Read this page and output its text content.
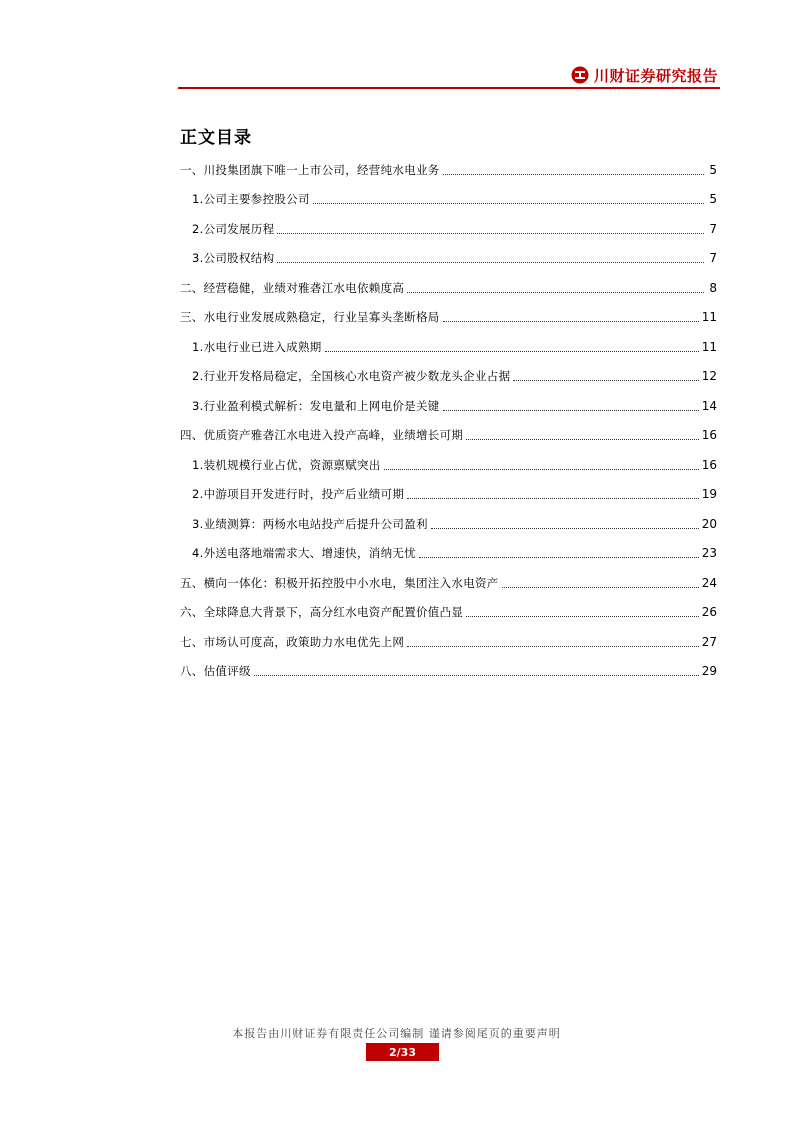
川财证券研究报告
正文目录
一、川投集团旗下唯一上市公司，经营纯水电业务	5
1.公司主要参控股公司	5
2.公司发展历程	7
3.公司股权结构	7
二、经营稳健，业绩对雅砻江水电依赖度高	8
三、水电行业发展成熟稳定，行业呈寡头垄断格局	11
1.水电行业已进入成熟期	11
2.行业开发格局稳定，全国核心水电资产被少数龙头企业占据	12
3.行业盈利模式解析：发电量和上网电价是关键	14
四、优质资产雅砻江水电进入投产高峰，业绩增长可期	16
1.装机规模行业占优，资源禀赋突出	16
2.中游项目开发进行时，投产后业绩可期	19
3.业绩测算：两杨水电站投产后提升公司盈利	20
4.外送电落地端需求大、增速快，消纳无忧	23
五、横向一体化：积极开拓控股中小水电，集团注入水电资产	24
六、全球降息大背景下，高分红水电资产配置价值凸显	26
七、市场认可度高，政策助力水电优先上网	27
八、估值评级	29
本报告由川财证券有限责任公司编制 谨请参阅尾页的重要声明
2/33
